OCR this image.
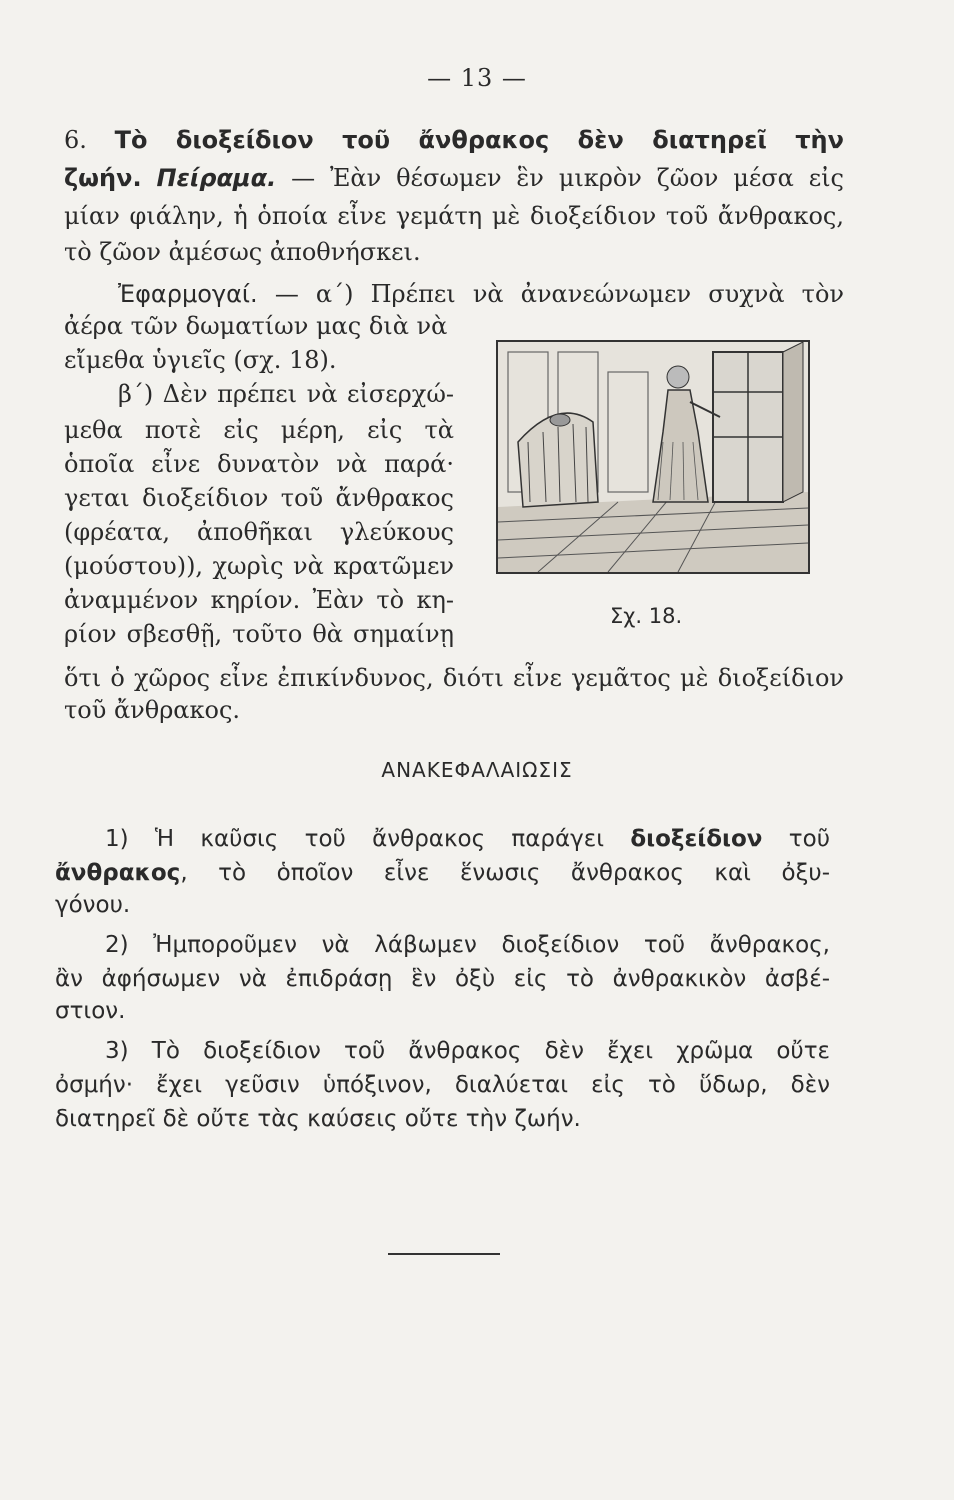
— 13 —
6. Τὸ διοξείδιον τοῦ ἄνθρακος δὲν διατηρεῖ τὴν
ζωήν. Πείραμα. — Ἐὰν θέσωμεν ἓν μικρὸν ζῶον μέσα εἰς
μίαν φιάλην, ἡ ὁποία εἶνε γεμάτη μὲ διοξείδιον τοῦ ἄνθρακος,
τὸ ζῶον ἀμέσως ἀποθνήσκει.
Ἐφαρμογαί. — α΄) Πρέπει νὰ ἀνανεώνωμεν συχνὰ τὸν
ἀέρα τῶν δωματίων μας διὰ νὰ
εἴμεθα ὑγιεῖς (σχ. 18).
β΄) Δὲν πρέπει νὰ εἰσερχώ-
μεθα ποτὲ εἰς μέρη, εἰς τὰ
ὁποῖα εἶνε δυνατὸν νὰ παρά·
γεται διοξείδιον τοῦ ἄνθρακος
(φρέατα, ἀποθῆκαι γλεύκους
(μούστου)), χωρὶς νὰ κρατῶμεν
ἀναμμένον κηρίον. Ἐὰν τὸ κη-
ρίον σβεσθῇ, τοῦτο θὰ σημαίνῃ
ὅτι ὁ χῶρος εἶνε ἐπικίνδυνος, διότι εἶνε γεμᾶτος μὲ διοξείδιον
τοῦ ἄνθρακος.
Σχ. 18.
ΑΝΑΚΕΦΑΛΑΙΩΣΙΣ
1) Ἡ καῦσις τοῦ ἄνθρακος παράγει διοξείδιον τοῦ
ἄνθρακος, τὸ ὁποῖον εἶνε ἕνωσις ἄνθρακος καὶ ὀξυ-
γόνου.
2) Ἠμποροῦμεν νὰ λάβωμεν διοξείδιον τοῦ ἄνθρακος,
ἂν ἀφήσωμεν νὰ ἐπιδράσῃ ἓν ὀξὺ εἰς τὸ ἀνθρακικὸν ἀσβέ-
στιον.
3) Τὸ διοξείδιον τοῦ ἄνθρακος δὲν ἔχει χρῶμα οὔτε
ὀσμήν· ἔχει γεῦσιν ὑπόξινον, διαλύεται εἰς τὸ ὕδωρ, δὲν
διατηρεῖ δὲ οὔτε τὰς καύσεις οὔτε τὴν ζωήν.
